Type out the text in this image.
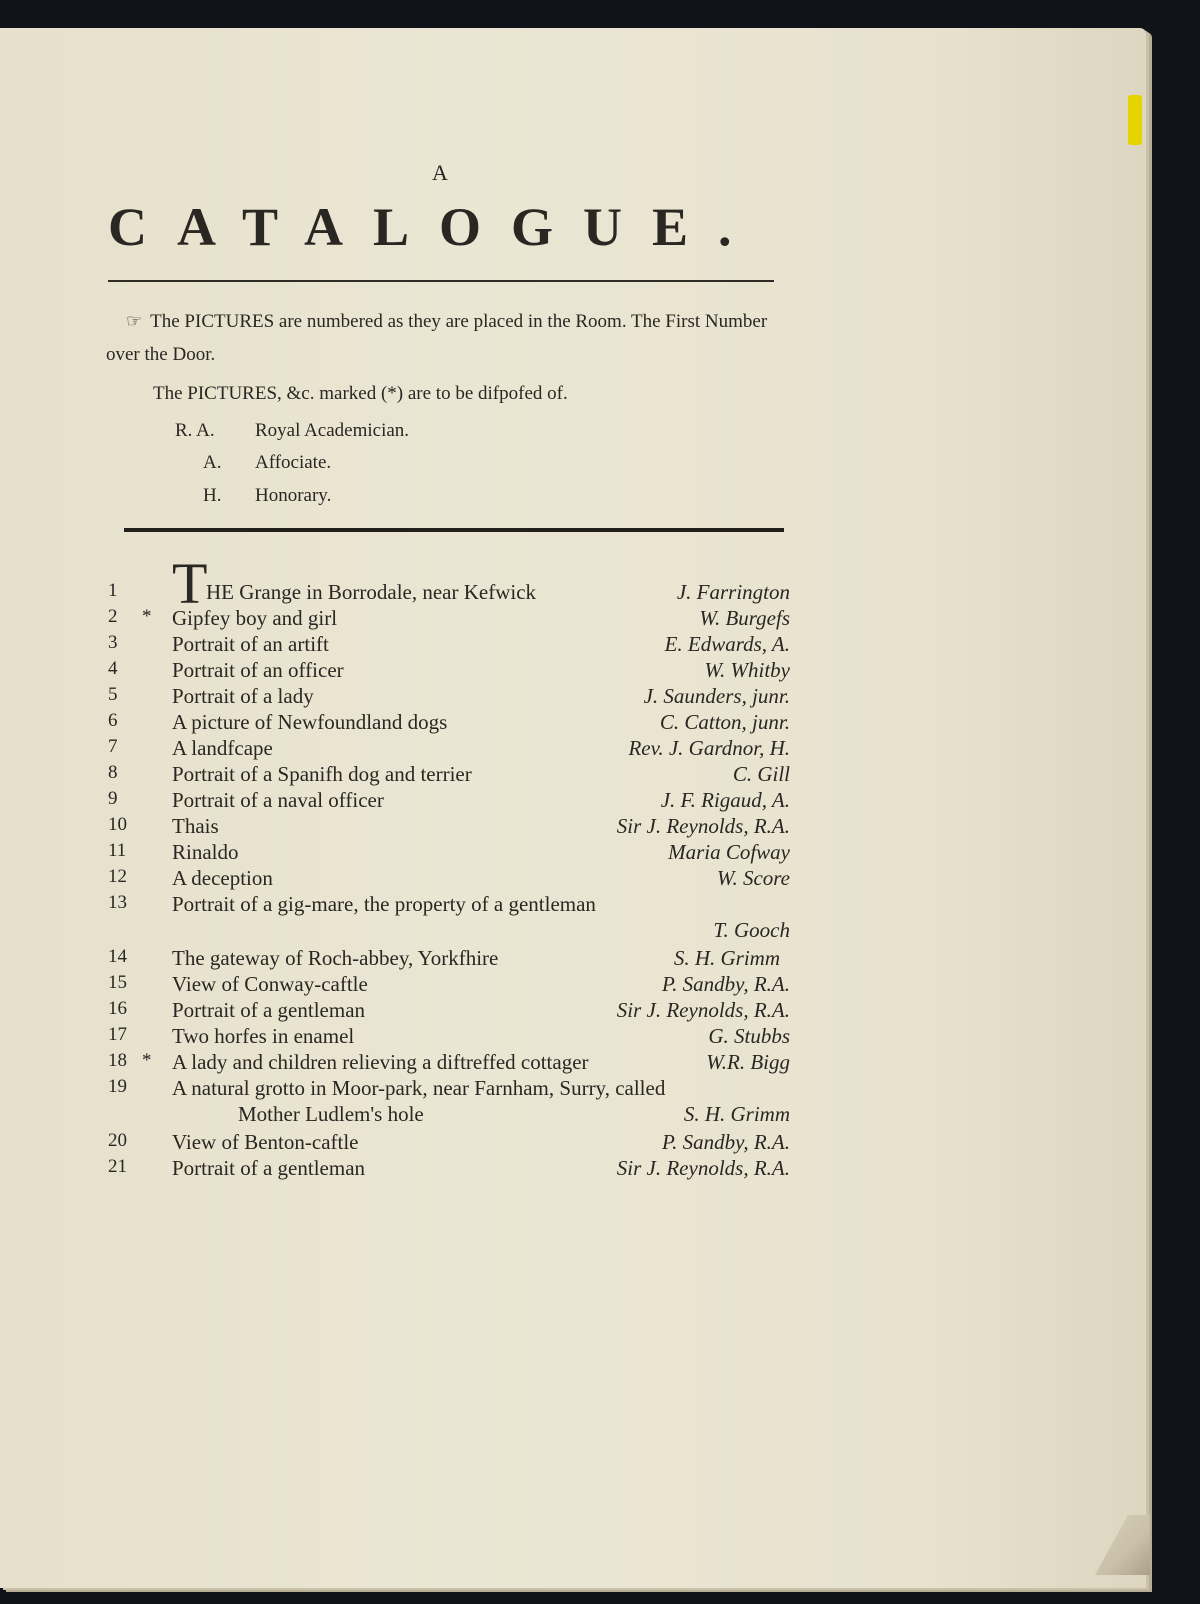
A
CATALOGUE.
☞ The PICTURES are numbered as they are placed in the Room. The First Number over the Door.
The PICTURES, &c. marked (*) are to be difpofed of.
R. A. Royal Academician.
A. Affociate.
H. Honorary.
T
1	HE Grange in Borrodale, near Kefwick	J. Farrington
2	* Gipfey boy and girl	W. Burgefs
3	Portrait of an artift	E. Edwards, A.
4	Portrait of an officer	W. Whitby
5	Portrait of a lady	J. Saunders, junr.
6	A picture of Newfoundland dogs	C. Catton, junr.
7	A landfcape	Rev. J. Gardnor, H.
8	Portrait of a Spanifh dog and terrier	C. Gill
9	Portrait of a naval officer	J. F. Rigaud, A.
10	Thais	Sir J. Reynolds, R.A.
11	Rinaldo	Maria Cofway
12	A deception	W. Score
13	Portrait of a gig-mare, the property of a gentleman
T. Gooch
14	The gateway of Roch-abbey, Yorkfhire	S. H. Grimm
15	View of Conway-caftle	P. Sandby, R.A.
16	Portrait of a gentleman	Sir J. Reynolds, R.A.
17	Two horfes in enamel	G. Stubbs
18 * A lady and children relieving a diftreffed cottager	W.R. Bigg
19	A natural grotto in Moor-park, near Farnham, Surry, called
Mother Ludlem's hole	S. H. Grimm
20	View of Benton-caftle	P. Sandby, R.A.
21	Portrait of a gentleman	Sir J. Reynolds, R.A.
